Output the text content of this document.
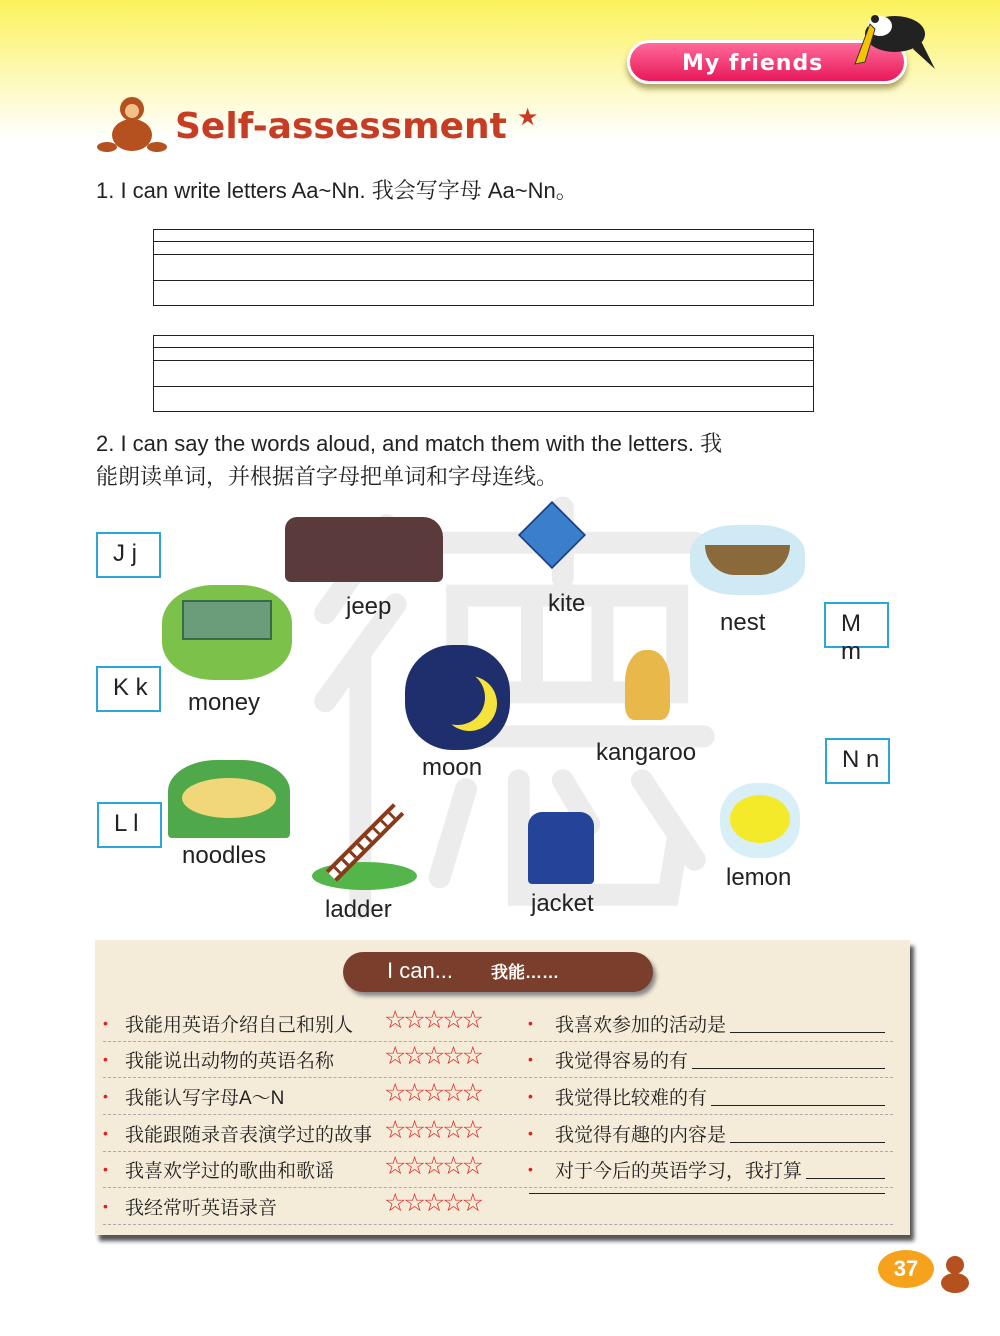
My friends
Self-assessment ★
1. I can write letters Aa~Nn. 我会写字母 Aa~Nn。
2. I can say the words aloud, and match them with the letters. 我
能朗读单词，并根据首字母把单词和字母连线。
J j
K k
L l
M m
N n
jeep	kite
nest
money
moon
kangaroo
noodles
ladder	jacket
lemon
I can... 我能……
• 我能用英语介绍自己和别人 ☆☆☆☆☆	• 我喜欢参加的活动是
• 我能说出动物的英语名称 ☆☆☆☆☆	• 我觉得容易的有
• 我能认写字母A～N	☆☆☆☆☆	• 我觉得比较难的有
• 我能跟随录音表演学过的故事 ☆☆☆☆☆	• 我觉得有趣的内容是
• 我喜欢学过的歌曲和歌谣 ☆☆☆☆☆	• 对于今后的英语学习，我打算
• 我经常听英语录音	☆☆☆☆☆
37
